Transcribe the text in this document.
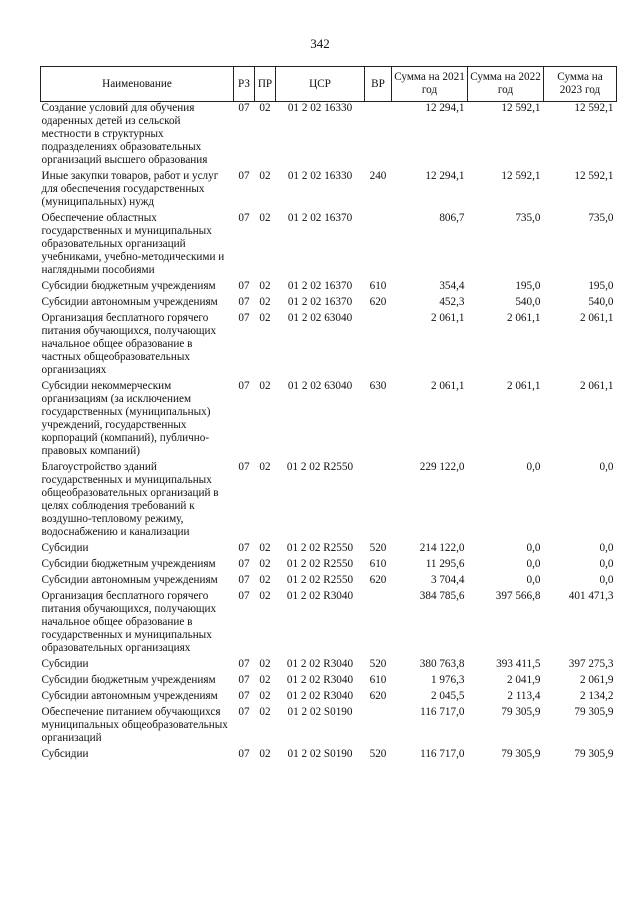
342
Наименование	РЗ	ПР	ЦСР	ВР	Сумма на 2021 год	Сумма на 2022 год	Сумма на 2023 год
Создание условий для обучения одаренных детей из сельской местности в структурных подразделениях образовательных организаций высшего образования	07	02	01 2 02 16330		12 294,1	12 592,1	12 592,1
Иные закупки товаров, работ и услуг для обеспечения государственных (муниципальных) нужд	07	02	01 2 02 16330	240	12 294,1	12 592,1	12 592,1
Обеспечение областных государственных и муниципальных образовательных организаций учебниками, учебно-методическими и наглядными пособиями	07	02	01 2 02 16370		806,7	735,0	735,0
Субсидии бюджетным учреждениям	07	02	01 2 02 16370	610	354,4	195,0	195,0
Субсидии автономным учреждениям	07	02	01 2 02 16370	620	452,3	540,0	540,0
Организация бесплатного горячего питания обучающихся, получающих начальное общее образование в частных общеобразовательных организациях	07	02	01 2 02 63040		2 061,1	2 061,1	2 061,1
Субсидии некоммерческим организациям (за исключением государственных (муниципальных) учреждений, государственных корпораций (компаний), публично-правовых компаний)	07	02	01 2 02 63040	630	2 061,1	2 061,1	2 061,1
Благоустройство зданий государственных и муниципальных общеобразовательных организаций в целях соблюдения требований к воздушно-тепловому режиму, водоснабжению и канализации	07	02	01 2 02 R2550		229 122,0	0,0	0,0
Субсидии	07	02	01 2 02 R2550	520	214 122,0	0,0	0,0
Субсидии бюджетным учреждениям	07	02	01 2 02 R2550	610	11 295,6	0,0	0,0
Субсидии автономным учреждениям	07	02	01 2 02 R2550	620	3 704,4	0,0	0,0
Организация бесплатного горячего питания обучающихся, получающих начальное общее образование в государственных и муниципальных образовательных организациях	07	02	01 2 02 R3040		384 785,6	397 566,8	401 471,3
Субсидии	07	02	01 2 02 R3040	520	380 763,8	393 411,5	397 275,3
Субсидии бюджетным учреждениям	07	02	01 2 02 R3040	610	1 976,3	2 041,9	2 061,9
Субсидии автономным учреждениям	07	02	01 2 02 R3040	620	2 045,5	2 113,4	2 134,2
Обеспечение питанием обучающихся муниципальных общеобразовательных организаций	07	02	01 2 02 S0190		116 717,0	79 305,9	79 305,9
Субсидии	07	02	01 2 02 S0190	520	116 717,0	79 305,9	79 305,9
